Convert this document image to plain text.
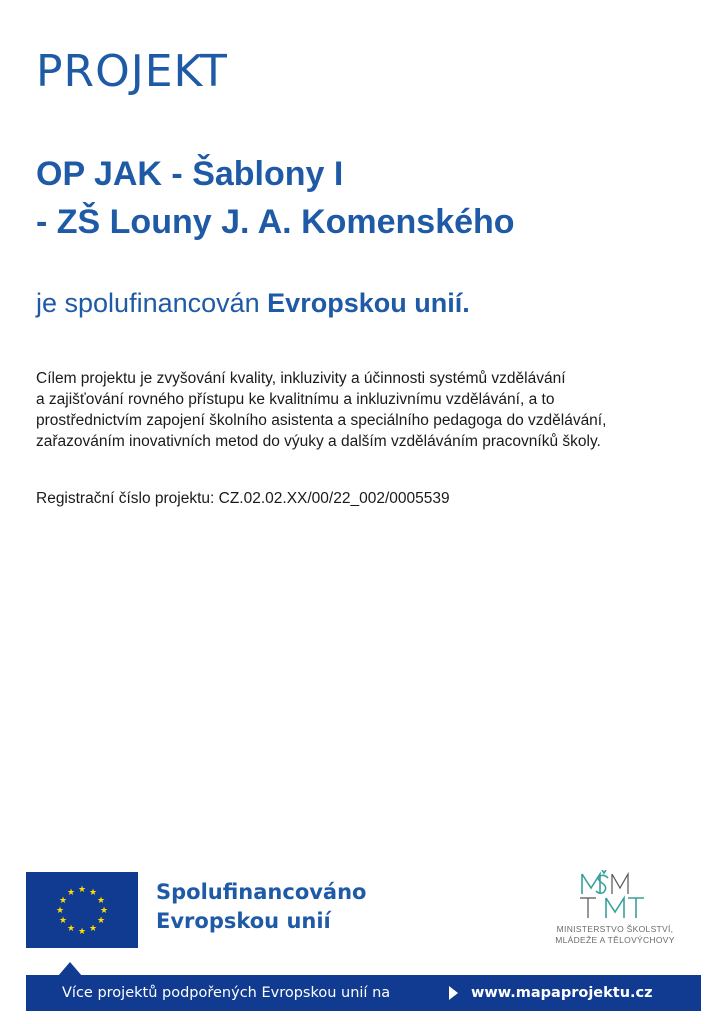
PROJEKT
OP JAK - Šablony I
- ZŠ Louny J. A. Komenského

je spolufinancován Evropskou unií.

Cílem projektu je zvyšování kvality, inkluzivity a účinnosti systémů vzdělávání
a zajišťování rovného přístupu ke kvalitnímu a inkluzivnímu vzdělávání, a to
prostřednictvím zapojení školního asistenta a speciálního pedagoga do vzdělávání,
zařazováním inovativních metod do výuky a dalším vzděláváním pracovníků školy.

Registrační číslo projektu: CZ.02.02.XX/00/22_002/0005539

★ ★
★
★
★
★
★
★
★
★
★
★	Spolufinancováno
Evropskou unií	MINISTERSTVO ŠKOLSTVÍ,
MLÁDEŽE A TĚLOVÝCHOVY
Více projektů podpořených Evropskou unií na	www.mapaprojektu.cz
